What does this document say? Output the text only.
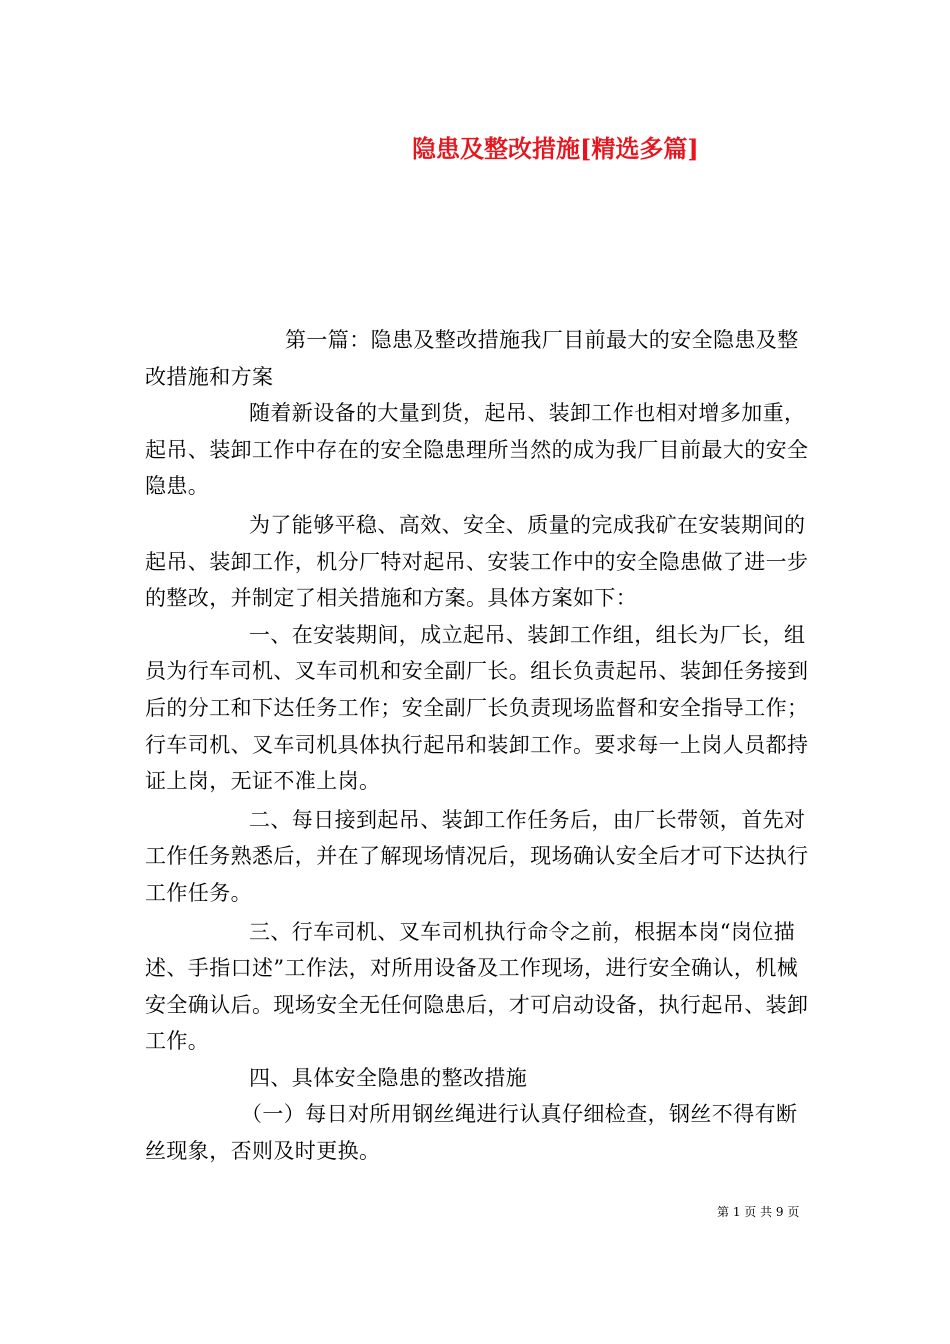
隐患及整改措施[精选多篇]

第一篇：隐患及整改措施我厂目前最大的安全隐患及整改措施和方案

随着新设备的大量到货，起吊、装卸工作也相对增多加重，起吊、装卸工作中存在的安全隐患理所当然的成为我厂目前最大的安全隐患。

为了能够平稳、高效、安全、质量的完成我矿在安装期间的起吊、装卸工作，机分厂特对起吊、安装工作中的安全隐患做了进一步的整改，并制定了相关措施和方案。具体方案如下：

一、在安装期间，成立起吊、装卸工作组，组长为厂长，组员为行车司机、叉车司机和安全副厂长。组长负责起吊、装卸任务接到后的分工和下达任务工作；安全副厂长负责现场监督和安全指导工作；行车司机、叉车司机具体执行起吊和装卸工作。要求每一上岗人员都持证上岗，无证不准上岗。

二、每日接到起吊、装卸工作任务后，由厂长带领，首先对工作任务熟悉后，并在了解现场情况后，现场确认安全后才可下达执行工作任务。

三、行车司机、叉车司机执行命令之前，根据本岗“岗位描述、手指口述”工作法，对所用设备及工作现场，进行安全确认，机械安全确认后。现场安全无任何隐患后，才可启动设备，执行起吊、装卸工作。

四、具体安全隐患的整改措施

（一）每日对所用钢丝绳进行认真仔细检查，钢丝不得有断丝现象，否则及时更换。

第 1 页 共 9 页
